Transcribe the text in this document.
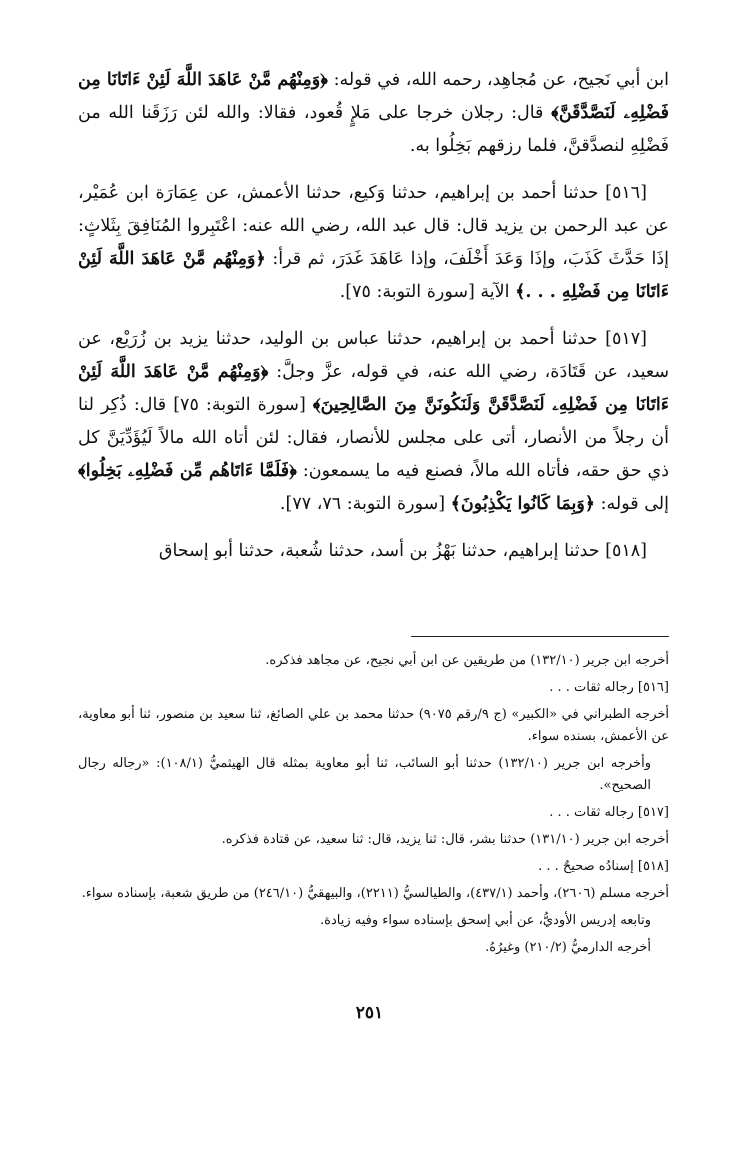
ابن أبي نَجيح، عن مُجاهِد، رحمه الله، في قوله: ﴿وَمِنْهُم مَّنْ عَاهَدَ اللَّهَ لَئِنْ ءَاتَانَا مِن فَضْلِهِۦ لَنَصَّدَّقَنَّ﴾ قال: رجلان خرجا على مَلإٍ قُعود، فقالا: والله لئن رَزَقَنا الله من فَضْلِهِ لنصدَّقنَّ، فلما رزقهم بَخِلُوا به.

[٥١٦] حدثنا أحمد بن إبراهيم، حدثنا وَكيع، حدثنا الأعمش، عن عِمَارَة ابن عُمَيْر، عن عبد الرحمن بن يزيد قال: قال عبد الله، رضي الله عنه: اعْتَبِروا المُنَافِقَ بِثَلاثٍ: إذَا حَدَّثَ كَذَبَ، وإذَا وَعَدَ أَخْلَفَ، وإذا عَاهَدَ غَدَرَ، ثم قرأ: ﴿وَمِنْهُم مَّنْ عَاهَدَ اللَّهَ لَئِنْ ءَاتَانَا مِن فَضْلِهِ . . .﴾ الآية [سورة التوبة: ٧٥].

[٥١٧] حدثنا أحمد بن إبراهيم، حدثنا عباس بن الوليد، حدثنا يزيد بن زُرَيْع، عن سعيد، عن قَتَادَة، رضي الله عنه، في قوله، عزَّ وجلَّ: ﴿وَمِنْهُم مَّنْ عَاهَدَ اللَّهَ لَئِنْ ءَاتَانَا مِن فَضْلِهِۦ لَنَصَّدَّقَنَّ وَلَنَكُونَنَّ مِنَ الصَّالِحِينَ﴾ [سورة التوبة: ٧٥] قال: ذُكِر لنا أن رجلاً من الأنصار، أتى على مجلس للأنصار، فقال: لئن أتاه الله مالاً لَيُؤَدِّيَنَّ كل ذي حق حقه، فأتاه الله مالاً، فصنع فيه ما يسمعون: ﴿فَلَمَّا ءَاتَاهُم مِّن فَضْلِهِۦ بَخِلُوا﴾ إلى قوله: ﴿وَبِمَا كَانُوا يَكْذِبُونَ﴾ [سورة التوبة: ٧٦، ٧٧].

[٥١٨] حدثنا إبراهيم، حدثنا بَهْزُ بن أسد، حدثنا شُعبة، حدثنا أبو إسحاق

أخرجه ابن جرير (١٣٢/١٠) من طريقين عن ابن أبي نجيح، عن مجاهد فذكره.

[٥١٦] رجاله ثقات . . .

أخرجه الطبراني في «الكبير» (ج ٩/رقم ٩٠٧٥) حدثنا محمد بن علي الصائغ، ثنا سعيد بن منصور، ثنا أبو معاوية، عن الأعمش، بسنده سواء.

وأخرجه ابن جرير (١٣٢/١٠) حدثنا أبو السائب، ثنا أبو معاوية بمثله قال الهيثميُّ (١٠٨/١): «رجاله رجال الصحيح».

[٥١٧] رجاله ثقات . . .

أخرجه ابن جرير (١٣١/١٠) حدثنا بشر، قال: ثنا يزيد، قال: ثنا سعيد، عن قتادة فذكره.

[٥١٨] إسنادُه صحيحٌ . . .

أخرجه مسلم (٢٦٠٦)، وأحمد (٤٣٧/١)، والطيالسيُّ (٢٢١١)، والبيهقيُّ (٢٤٦/١٠) من طريق شعبة، بإسناده سواء.

وتابعه إدريس الأوديُّ، عن أبي إسحق بإسناده سواء وفيه زيادة.

أخرجه الدارميُّ (٢١٠/٢) وغيرُهُ.

٢٥١
